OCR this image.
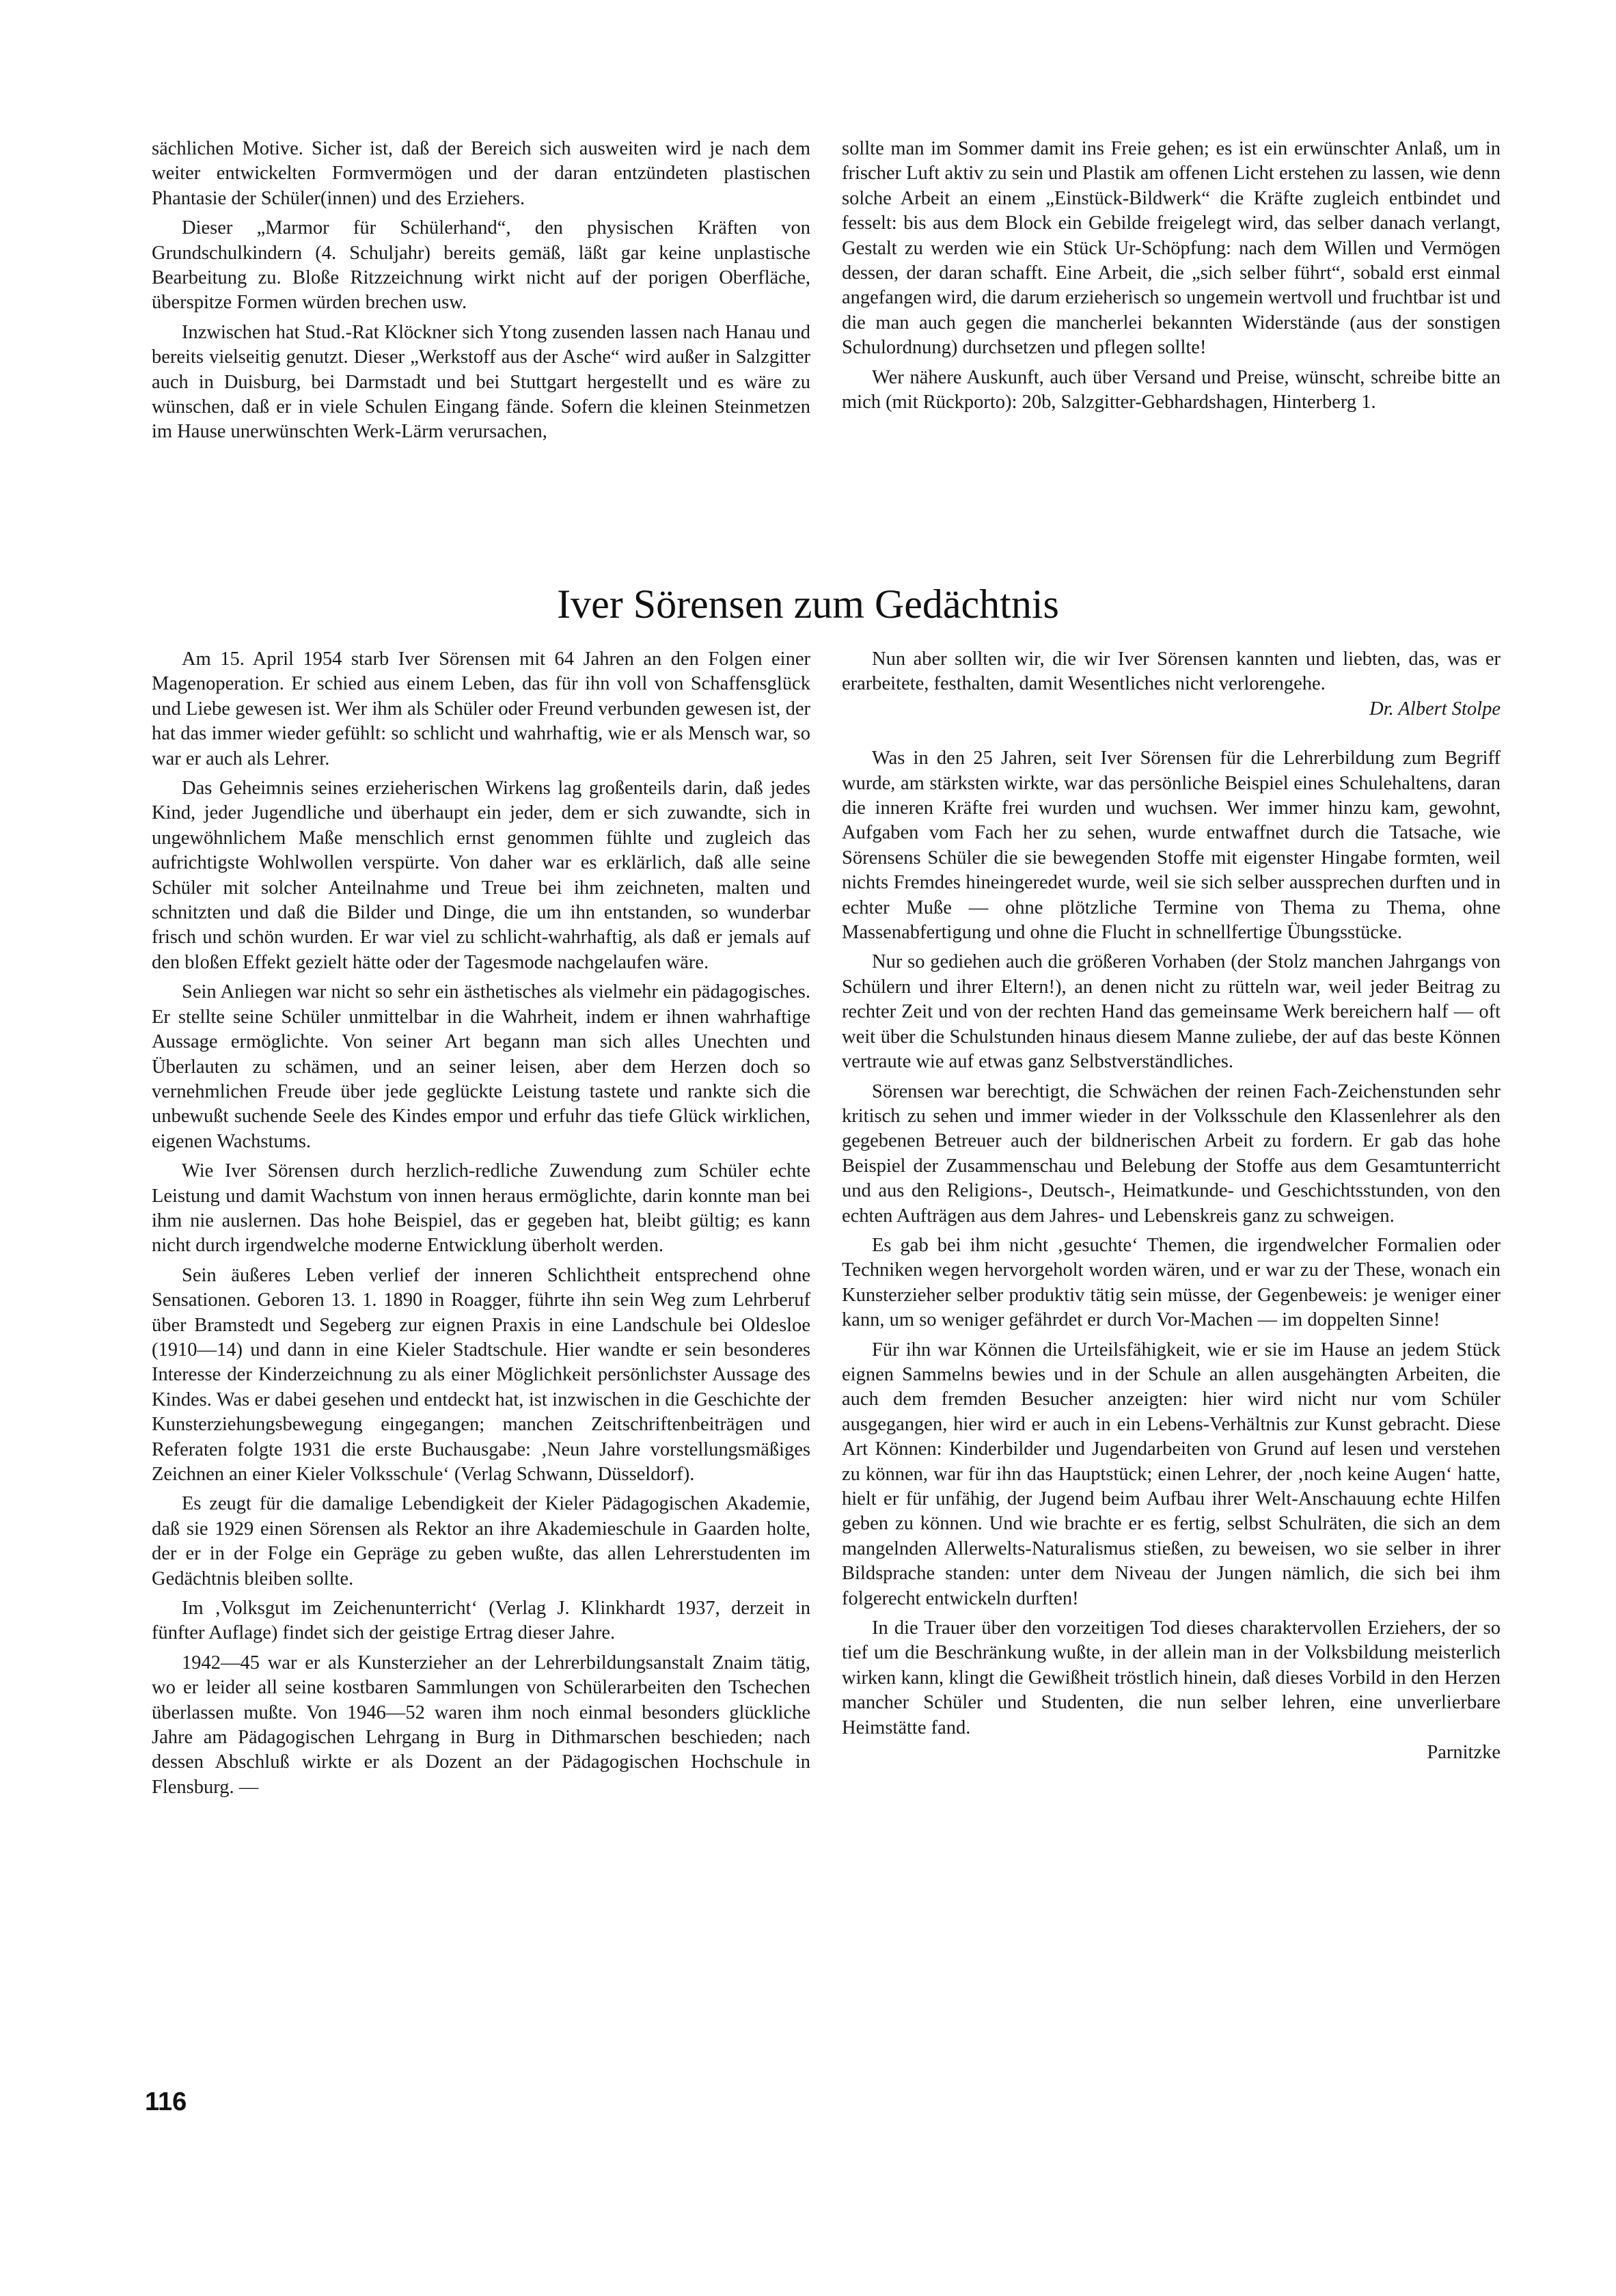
sächlichen Motive. Sicher ist, daß der Bereich sich ausweiten wird je nach dem weiter entwickelten Formvermögen und der daran entzündeten plastischen Phantasie der Schüler(innen) und des Erziehers.

Dieser „Marmor für Schülerhand“, den physischen Kräften von Grundschulkindern (4. Schuljahr) bereits gemäß, läßt gar keine unplastische Bearbeitung zu. Bloße Ritzzeichnung wirkt nicht auf der porigen Oberfläche, überspitze Formen würden brechen usw.

Inzwischen hat Stud.-Rat Klöckner sich Ytong zusenden lassen nach Hanau und bereits vielseitig genutzt. Dieser „Werkstoff aus der Asche“ wird außer in Salzgitter auch in Duisburg, bei Darmstadt und bei Stuttgart hergestellt und es wäre zu wünschen, daß er in viele Schulen Eingang fände. Sofern die kleinen Steinmetzen im Hause unerwünschten Werk-Lärm verursachen,

sollte man im Sommer damit ins Freie gehen; es ist ein erwünschter Anlaß, um in frischer Luft aktiv zu sein und Plastik am offenen Licht erstehen zu lassen, wie denn solche Arbeit an einem „Einstück-Bildwerk“ die Kräfte zugleich entbindet und fesselt: bis aus dem Block ein Gebilde freigelegt wird, das selber danach verlangt, Gestalt zu werden wie ein Stück Ur-Schöpfung: nach dem Willen und Vermögen dessen, der daran schafft. Eine Arbeit, die „sich selber führt“, sobald erst einmal angefangen wird, die darum erzieherisch so ungemein wertvoll und fruchtbar ist und die man auch gegen die mancherlei bekannten Widerstände (aus der sonstigen Schulordnung) durchsetzen und pflegen sollte!

Wer nähere Auskunft, auch über Versand und Preise, wünscht, schreibe bitte an mich (mit Rückporto): 20b, Salzgitter-Gebhardshagen, Hinterberg 1.

Iver Sörensen zum Gedächtnis

Am 15. April 1954 starb Iver Sörensen mit 64 Jahren an den Folgen einer Magenoperation. Er schied aus einem Leben, das für ihn voll von Schaffensglück und Liebe gewesen ist. Wer ihm als Schüler oder Freund verbunden gewesen ist, der hat das immer wieder gefühlt: so schlicht und wahrhaftig, wie er als Mensch war, so war er auch als Lehrer.

Das Geheimnis seines erzieherischen Wirkens lag großenteils darin, daß jedes Kind, jeder Jugendliche und überhaupt ein jeder, dem er sich zuwandte, sich in ungewöhnlichem Maße menschlich ernst genommen fühlte und zugleich das aufrichtigste Wohlwollen verspürte. Von daher war es erklärlich, daß alle seine Schüler mit solcher Anteilnahme und Treue bei ihm zeichneten, malten und schnitzten und daß die Bilder und Dinge, die um ihn entstanden, so wunderbar frisch und schön wurden. Er war viel zu schlicht-wahrhaftig, als daß er jemals auf den bloßen Effekt gezielt hätte oder der Tagesmode nachgelaufen wäre.

Sein Anliegen war nicht so sehr ein ästhetisches als vielmehr ein pädagogisches. Er stellte seine Schüler unmittelbar in die Wahrheit, indem er ihnen wahrhaftige Aussage ermöglichte. Von seiner Art begann man sich alles Unechten und Überlauten zu schämen, und an seiner leisen, aber dem Herzen doch so vernehmlichen Freude über jede geglückte Leistung tastete und rankte sich die unbewußt suchende Seele des Kindes empor und erfuhr das tiefe Glück wirklichen, eigenen Wachstums.

Wie Iver Sörensen durch herzlich-redliche Zuwendung zum Schüler echte Leistung und damit Wachstum von innen heraus ermöglichte, darin konnte man bei ihm nie auslernen. Das hohe Beispiel, das er gegeben hat, bleibt gültig; es kann nicht durch irgendwelche moderne Entwicklung überholt werden.

Sein äußeres Leben verlief der inneren Schlichtheit entsprechend ohne Sensationen. Geboren 13. 1. 1890 in Roagger, führte ihn sein Weg zum Lehrberuf über Bramstedt und Segeberg zur eignen Praxis in eine Landschule bei Oldesloe (1910—14) und dann in eine Kieler Stadtschule. Hier wandte er sein besonderes Interesse der Kinderzeichnung zu als einer Möglichkeit persönlichster Aussage des Kindes. Was er dabei gesehen und entdeckt hat, ist inzwischen in die Geschichte der Kunsterziehungsbewegung eingegangen; manchen Zeitschriftenbeiträgen und Referaten folgte 1931 die erste Buchausgabe: ‚Neun Jahre vorstellungsmäßiges Zeichnen an einer Kieler Volksschule‘ (Verlag Schwann, Düsseldorf).

Es zeugt für die damalige Lebendigkeit der Kieler Pädagogischen Akademie, daß sie 1929 einen Sörensen als Rektor an ihre Akademieschule in Gaarden holte, der er in der Folge ein Gepräge zu geben wußte, das allen Lehrerstudenten im Gedächtnis bleiben sollte.

Im ‚Volksgut im Zeichenunterricht‘ (Verlag J. Klinkhardt 1937, derzeit in fünfter Auflage) findet sich der geistige Ertrag dieser Jahre.

1942—45 war er als Kunsterzieher an der Lehrerbildungsanstalt Znaim tätig, wo er leider all seine kostbaren Sammlungen von Schülerarbeiten den Tschechen überlassen mußte. Von 1946—52 waren ihm noch einmal besonders glückliche Jahre am Pädagogischen Lehrgang in Burg in Dithmarschen beschieden; nach dessen Abschluß wirkte er als Dozent an der Pädagogischen Hochschule in Flensburg. —

Nun aber sollten wir, die wir Iver Sörensen kannten und liebten, das, was er erarbeitete, festhalten, damit Wesentliches nicht verlorengehe.

Dr. Albert Stolpe

Was in den 25 Jahren, seit Iver Sörensen für die Lehrerbildung zum Begriff wurde, am stärksten wirkte, war das persönliche Beispiel eines Schulehaltens, daran die inneren Kräfte frei wurden und wuchsen. Wer immer hinzu kam, gewohnt, Aufgaben vom Fach her zu sehen, wurde entwaffnet durch die Tatsache, wie Sörensens Schüler die sie bewegenden Stoffe mit eigenster Hingabe formten, weil nichts Fremdes hineingeredet wurde, weil sie sich selber aussprechen durften und in echter Muße — ohne plötzliche Termine von Thema zu Thema, ohne Massenabfertigung und ohne die Flucht in schnellfertige Übungsstücke.

Nur so gediehen auch die größeren Vorhaben (der Stolz manchen Jahrgangs von Schülern und ihrer Eltern!), an denen nicht zu rütteln war, weil jeder Beitrag zu rechter Zeit und von der rechten Hand das gemeinsame Werk bereichern half — oft weit über die Schulstunden hinaus diesem Manne zuliebe, der auf das beste Können vertraute wie auf etwas ganz Selbstverständliches.

Sörensen war berechtigt, die Schwächen der reinen Fach-Zeichenstunden sehr kritisch zu sehen und immer wieder in der Volksschule den Klassenlehrer als den gegebenen Betreuer auch der bildnerischen Arbeit zu fordern. Er gab das hohe Beispiel der Zusammenschau und Belebung der Stoffe aus dem Gesamtunterricht und aus den Religions-, Deutsch-, Heimatkunde- und Geschichtsstunden, von den echten Aufträgen aus dem Jahres- und Lebenskreis ganz zu schweigen.

Es gab bei ihm nicht ‚gesuchte‘ Themen, die irgendwelcher Formalien oder Techniken wegen hervorgeholt worden wären, und er war zu der These, wonach ein Kunsterzieher selber produktiv tätig sein müsse, der Gegenbeweis: je weniger einer kann, um so weniger gefährdet er durch Vor-Machen — im doppelten Sinne!

Für ihn war Können die Urteilsfähigkeit, wie er sie im Hause an jedem Stück eignen Sammelns bewies und in der Schule an allen ausgehängten Arbeiten, die auch dem fremden Besucher anzeigten: hier wird nicht nur vom Schüler ausgegangen, hier wird er auch in ein Lebens-Verhältnis zur Kunst gebracht. Diese Art Können: Kinderbilder und Jugendarbeiten von Grund auf lesen und verstehen zu können, war für ihn das Hauptstück; einen Lehrer, der ‚noch keine Augen‘ hatte, hielt er für unfähig, der Jugend beim Aufbau ihrer Welt-Anschauung echte Hilfen geben zu können. Und wie brachte er es fertig, selbst Schulräten, die sich an dem mangelnden Allerwelts-Naturalismus stießen, zu beweisen, wo sie selber in ihrer Bildsprache standen: unter dem Niveau der Jungen nämlich, die sich bei ihm folgerecht entwickeln durften!

In die Trauer über den vorzeitigen Tod dieses charaktervollen Erziehers, der so tief um die Beschränkung wußte, in der allein man in der Volksbildung meisterlich wirken kann, klingt die Gewißheit tröstlich hinein, daß dieses Vorbild in den Herzen mancher Schüler und Studenten, die nun selber lehren, eine unverlierbare Heimstätte fand.

Parnitzke
116
